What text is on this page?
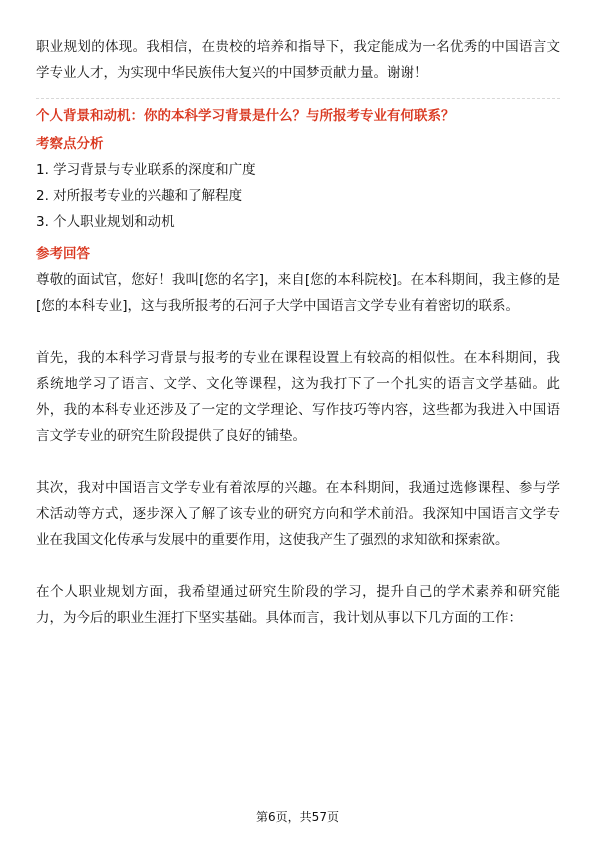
职业规划的体现。我相信，在贵校的培养和指导下，我定能成为一名优秀的中国语言文学专业人才，为实现中华民族伟大复兴的中国梦贡献力量。谢谢！

个人背景和动机：你的本科学习背景是什么？与所报考专业有何联系？
考察点分析
1. 学习背景与专业联系的深度和广度
2. 对所报考专业的兴趣和了解程度
3. 个人职业规划和动机
参考回答

尊敬的面试官，您好！我叫[您的名字]，来自[您的本科院校]。在本科期间，我主修的是[您的本科专业]，这与我所报考的石河子大学中国语言文学专业有着密切的联系。

首先，我的本科学习背景与报考的专业在课程设置上有较高的相似性。在本科期间，我系统地学习了语言、文学、文化等课程，这为我打下了一个扎实的语言文学基础。此外，我的本科专业还涉及了一定的文学理论、写作技巧等内容，这些都为我进入中国语言文学专业的研究生阶段提供了良好的铺垫。

其次，我对中国语言文学专业有着浓厚的兴趣。在本科期间，我通过选修课程、参与学术活动等方式，逐步深入了解了该专业的研究方向和学术前沿。我深知中国语言文学专业在我国文化传承与发展中的重要作用，这使我产生了强烈的求知欲和探索欲。

在个人职业规划方面，我希望通过研究生阶段的学习，提升自己的学术素养和研究能力，为今后的职业生涯打下坚实基础。具体而言，我计划从事以下几方面的工作：

第6页，共57页
